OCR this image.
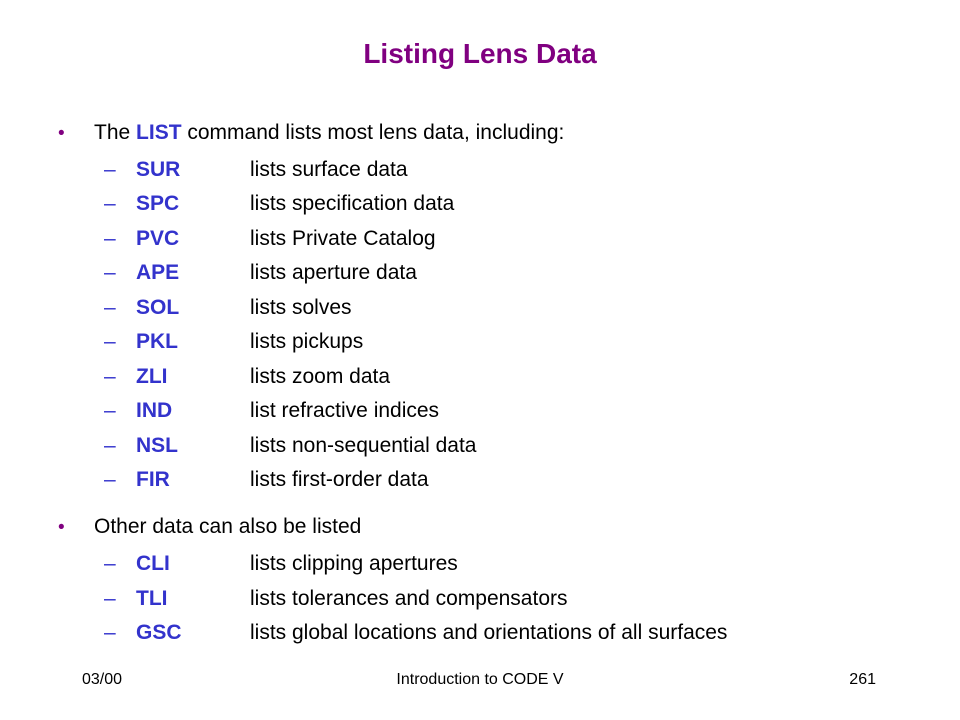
Listing Lens Data
•	The LIST command lists most lens data, including:
– SUR	lists surface data
– SPC	lists specification data
– PVC	lists Private Catalog
– APE	lists aperture data
– SOL	lists solves
– PKL	lists pickups
– ZLI	lists zoom data
– IND	list refractive indices
– NSL	lists non-sequential data
– FIR	lists first-order data
•	Other data can also be listed
– CLI	lists clipping apertures
– TLI	lists tolerances and compensators
– GSC	lists global locations and orientations of all surfaces
03/00	Introduction to CODE V	261
